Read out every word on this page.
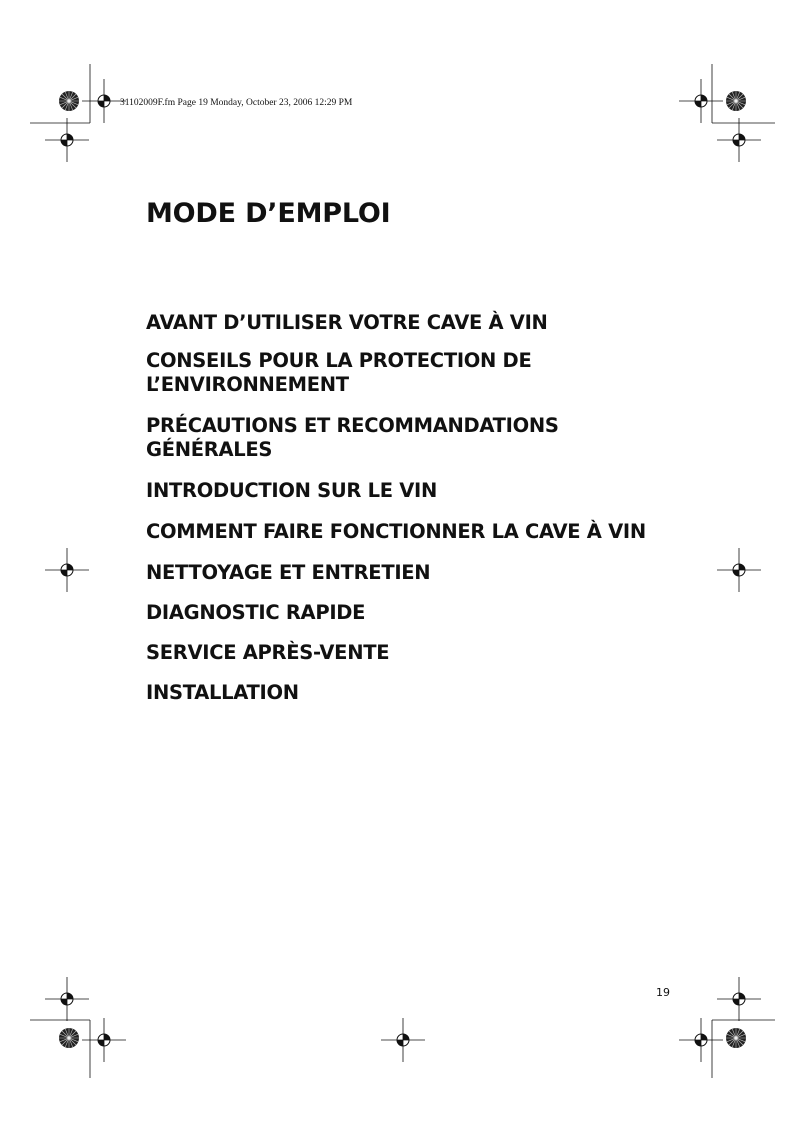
31102009F.fm Page 19 Monday, October 23, 2006 12:29 PM
MODE D’EMPLOI
AVANT D’UTILISER VOTRE CAVE À VIN
CONSEILS POUR LA PROTECTION DE L’ENVIRONNEMENT
PRÉCAUTIONS ET RECOMMANDATIONS GÉNÉRALES
INTRODUCTION SUR LE VIN
COMMENT FAIRE FONCTIONNER LA CAVE À VIN
NETTOYAGE ET ENTRETIEN
DIAGNOSTIC RAPIDE
SERVICE APRÈS-VENTE
INSTALLATION
19
